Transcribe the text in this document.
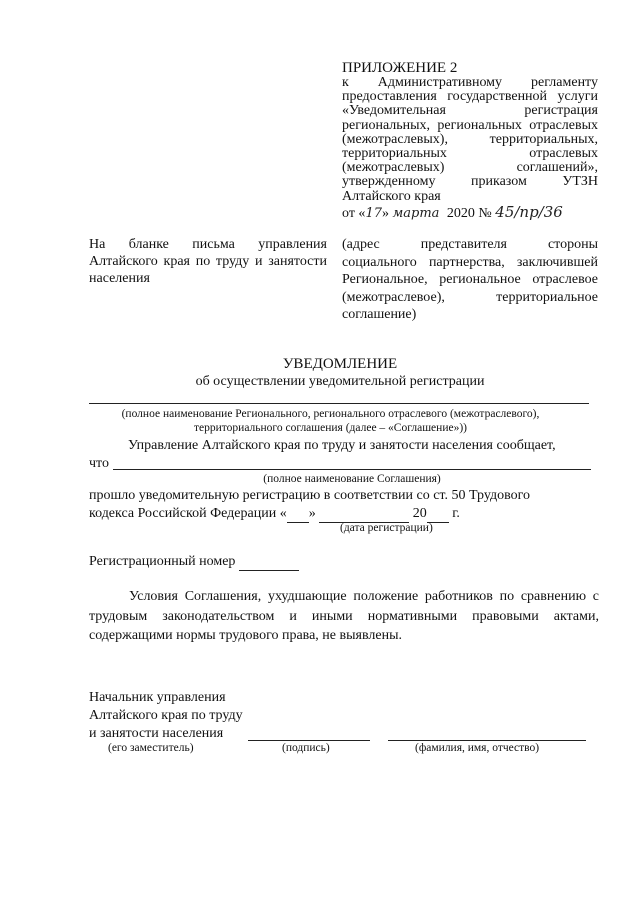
ПРИЛОЖЕНИЕ 2
к Административному регламенту предоставления государственной услуги «Уведомительная регистрация региональных, региональных отраслевых (межотраслевых), территориальных, территориальных отраслевых (межотраслевых) соглашений», утвержденному приказом УТЗН Алтайского края
от «17» марта 2020 № 45/пр/36
На бланке письма управления Алтайского края по труду и занятости населения
(адрес представителя стороны социального партнерства, заключившей Региональное, региональное отраслевое (межотраслевое), территориальное соглашение)
УВЕДОМЛЕНИЕ
об осуществлении уведомительной регистрации
(полное наименование Регионального, регионального отраслевого (межотраслевого), территориального соглашения (далее – «Соглашение»))
Управление Алтайского края по труду и занятости населения сообщает,
что
(полное наименование Соглашения)
прошло уведомительную регистрацию в соответствии со ст. 50 Трудового
кодекса Российской Федерации « »	20 г.
(дата регистрации)
Регистрационный номер
Условия Соглашения, ухудшающие положение работников по сравнению с трудовым законодательством и иными нормативными правовыми актами, содержащими нормы трудового права, не выявлены.
Начальник управления
Алтайского края по труду
и занятости населения
(его заместитель)	(подпись)	(фамилия, имя, отчество)
